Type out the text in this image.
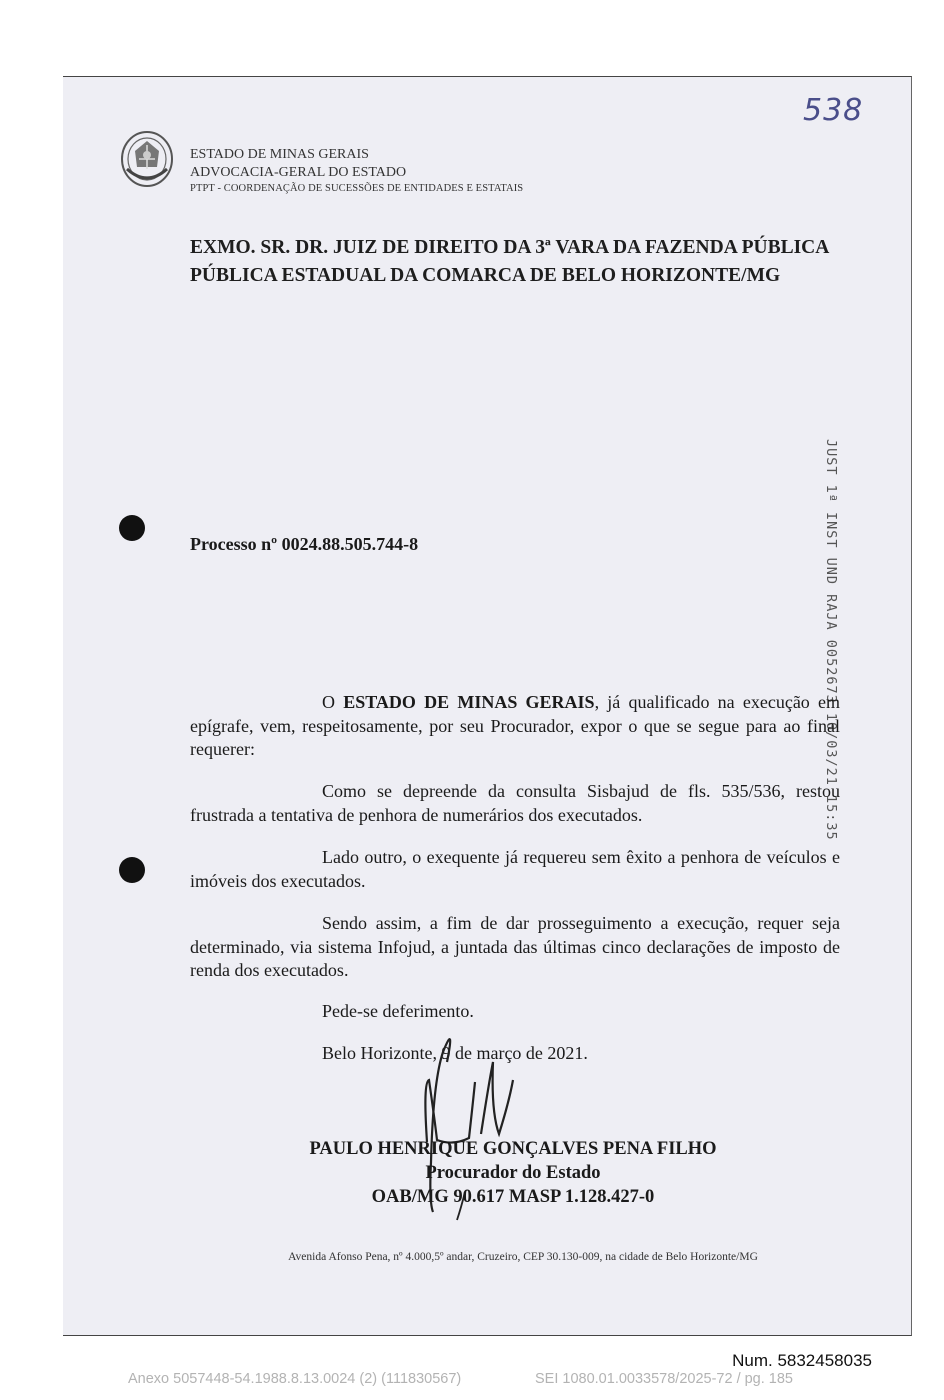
538
ESTADO DE MINAS GERAIS
ADVOCACIA-GERAL DO ESTADO
PTPT - COORDENAÇÃO DE SUCESSÕES DE ENTIDADES E ESTATAIS
EXMO. SR. DR. JUIZ DE DIREITO DA 3ª VARA DA FAZENDA PÚBLICA
PÚBLICA ESTADUAL DA COMARCA DE BELO HORIZONTE/MG
JUST 1ª INST UND RAJA 0052673 10/03/21 15:35
Processo nº 0024.88.505.744-8
O ESTADO DE MINAS GERAIS, já qualificado na execução em epígrafe, vem, respeitosamente, por seu Procurador, expor o que se segue para ao final requerer:
Como se depreende da consulta Sisbajud de fls. 535/536, restou frustrada a tentativa de penhora de numerários dos executados.
Lado outro, o exequente já requereu sem êxito a penhora de veículos e imóveis dos executados.
Sendo assim, a fim de dar prosseguimento a execução, requer seja determinado, via sistema Infojud, a juntada das últimas cinco declarações de imposto de renda dos executados.
Pede-se deferimento.
Belo Horizonte, 9 de março de 2021.
PAULO HENRIQUE GONÇALVES PENA FILHO
Procurador do Estado
OAB/MG 90.617 MASP 1.128.427-0
Avenida Afonso Pena, nº 4.000,5º andar, Cruzeiro, CEP 30.130-009, na cidade de Belo Horizonte/MG
Num. 5832458035
Anexo 5057448-54.1988.8.13.0024 (2) (111830567)	SEI 1080.01.0033578/2025-72 / pg. 185
